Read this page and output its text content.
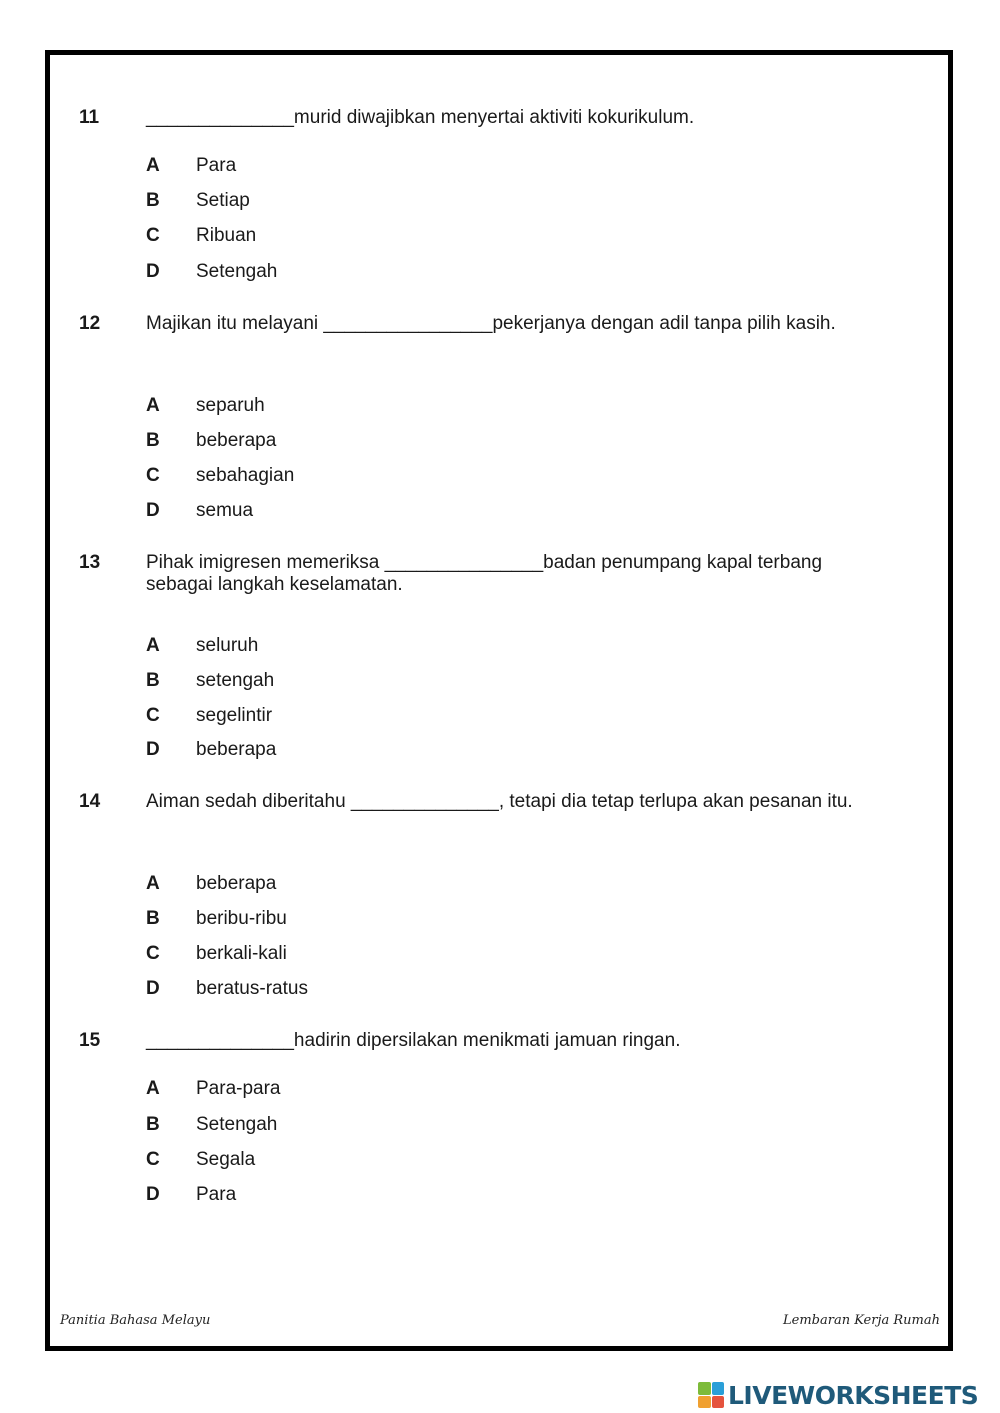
11 ______________murid diwajibkan menyertai aktiviti kokurikulum.
A	Para
B	Setiap
C	Ribuan
D	Setengah
12 Majikan itu melayani ________________pekerjanya dengan adil tanpa pilih kasih.
A	separuh
B	beberapa
C	sebahagian
D	semua
13 Pihak imigresen memeriksa _______________badan penumpang kapal terbang sebagai langkah keselamatan.
A	seluruh
B	setengah
C	segelintir
D	beberapa
14 Aiman sedah diberitahu ______________, tetapi dia tetap terlupa akan pesanan itu.
A	beberapa
B	beribu-ribu
C	berkali-kali
D	beratus-ratus
15 ______________hadirin dipersilakan menikmati jamuan ringan.
A	Para-para
B	Setengah
C	Segala
D	Para
Panitia Bahasa Melayu	Lembaran Kerja Rumah
LIVEWORKSHEETS
